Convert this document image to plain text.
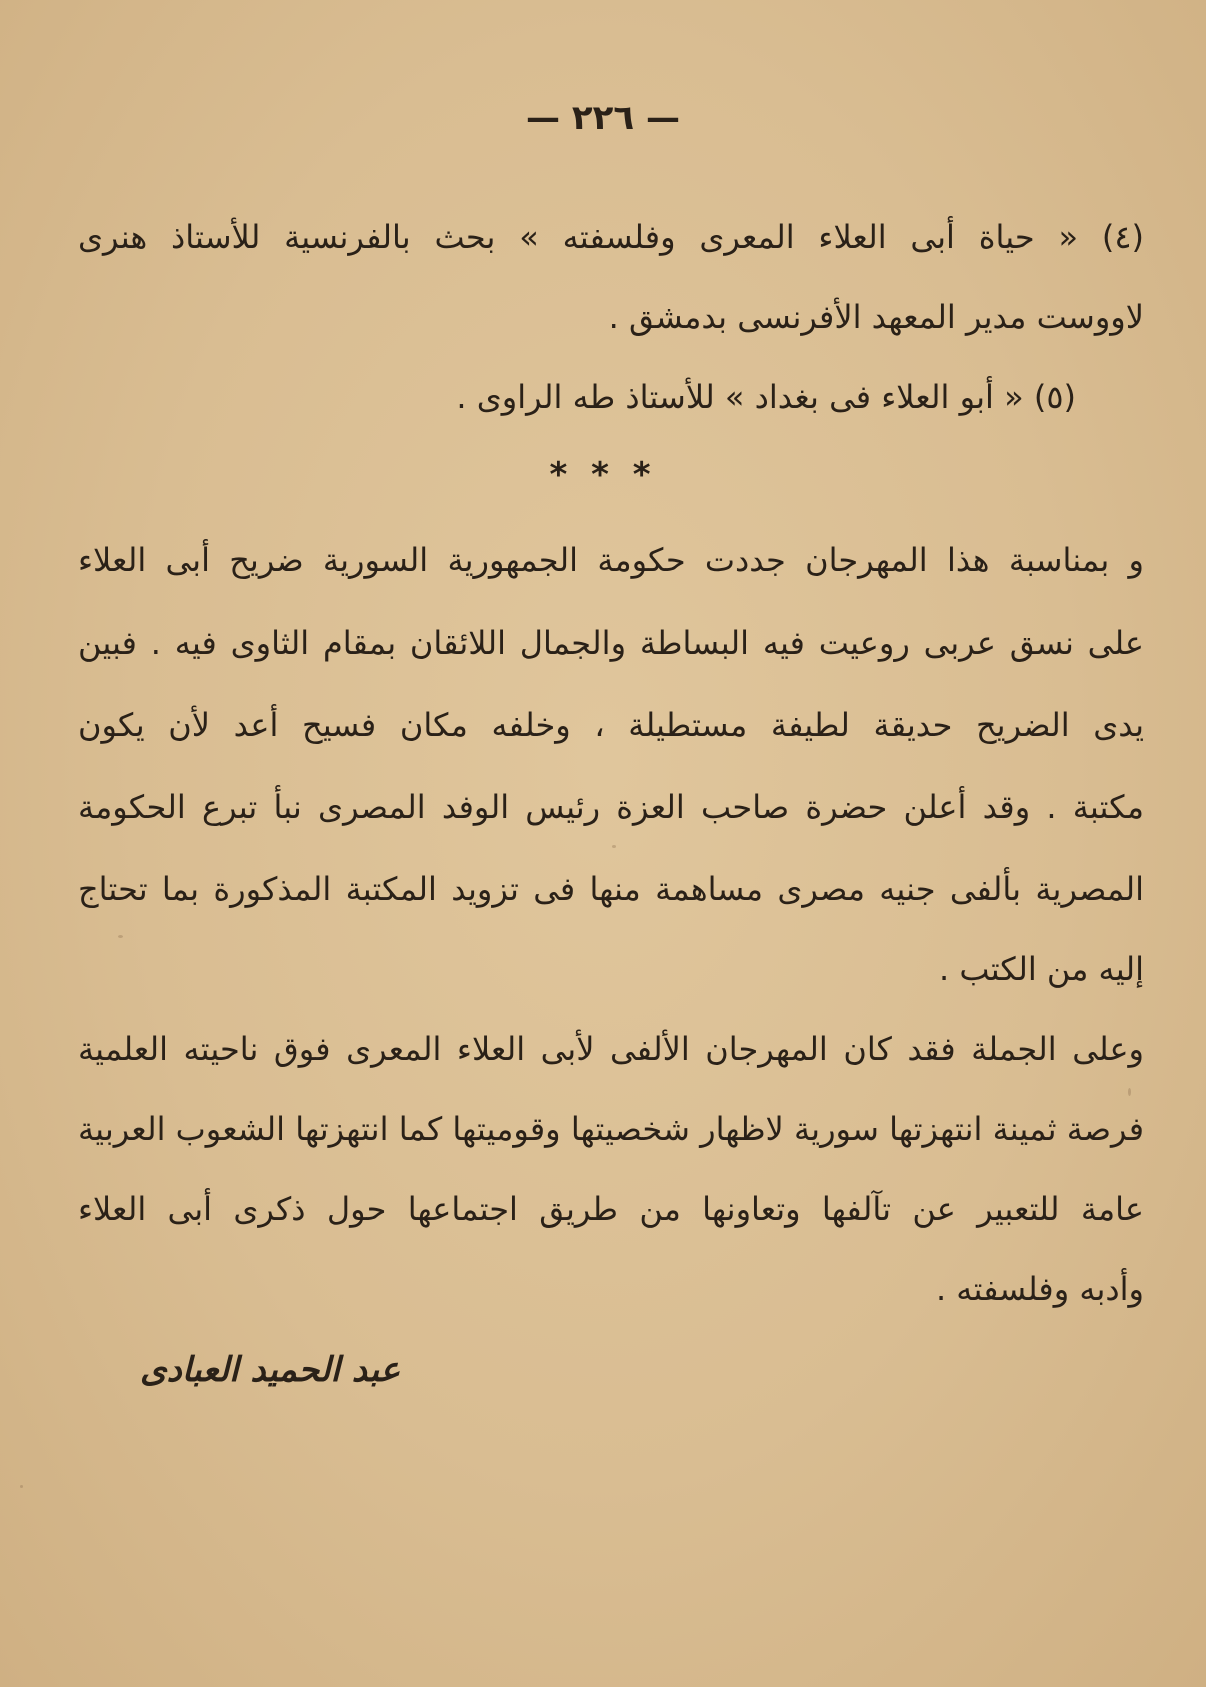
— ٢٢٦ —
(٤) « حياة أبى العلاء المعرى وفلسفته » بحث بالفرنسية للأستاذ هنرى
لاووست مدير المعهد الأفرنسى بدمشق .
(٥) « أبو العلاء فى بغداد » للأستاذ طه الراوى .
* * *
و بمناسبة هذا المهرجان جددت حكومة الجمهورية السورية ضريح أبى العلاء
على نسق عربى روعيت فيه البساطة والجمال اللائقان بمقام الثاوى فيه . فبين
يدى الضريح حديقة لطيفة مستطيلة ، وخلفه مكان فسيح أعد لأن يكون
مكتبة . وقد أعلن حضرة صاحب العزة رئيس الوفد المصرى نبأ تبرع الحكومة
المصرية بألفى جنيه مصرى مساهمة منها فى تزويد المكتبة المذكورة بما تحتاج
إليه من الكتب .
وعلى الجملة فقد كان المهرجان الألفى لأبى العلاء المعرى فوق ناحيته العلمية
فرصة ثمينة انتهزتها سورية لاظهار شخصيتها وقوميتها كما انتهزتها الشعوب العربية
عامة للتعبير عن تآلفها وتعاونها من طريق اجتماعها حول ذكرى أبى العلاء
وأدبه وفلسفته .
عبد الحميد العبادى
